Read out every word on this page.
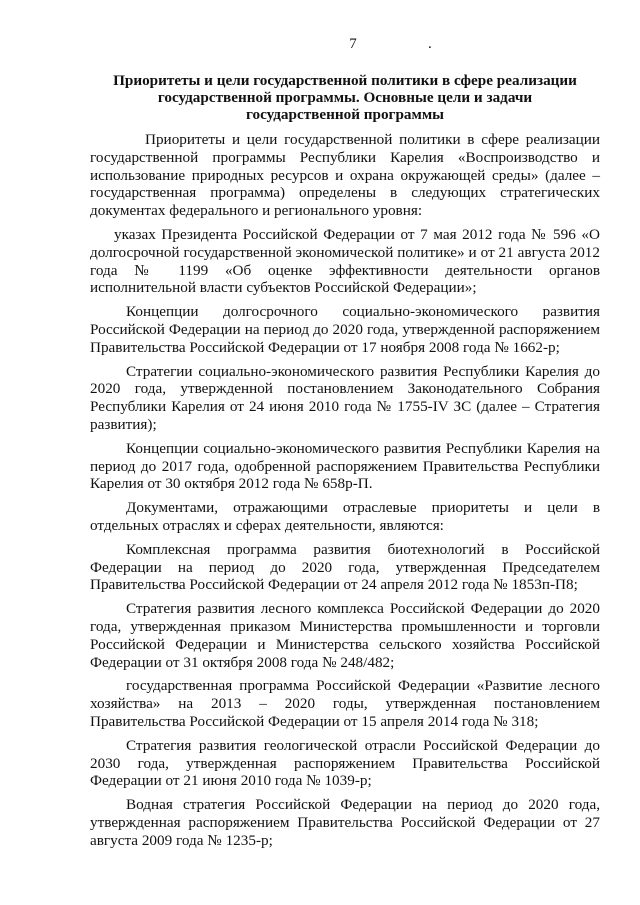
7	.
Приоритеты и цели государственной политики в сфере реализации
государственной программы. Основные цели и задачи
государственной программы

Приоритеты и цели государственной политики в сфере реализации государственной программы Республики Карелия «Воспроизводство и использование природных ресурсов и охрана окружающей среды» (далее – государственная программа) определены в следующих стратегических документах федерального и регионального уровня:

указах Президента Российской Федерации от 7 мая 2012 года № 596 «О долгосрочной государственной экономической политике» и от 21 августа 2012 года № 1199 «Об оценке эффективности деятельности органов исполнительной власти субъектов Российской Федерации»;

Концепции долгосрочного социально-экономического развития Российской Федерации на период до 2020 года, утвержденной распоряжением Правительства Российской Федерации от 17 ноября 2008 года № 1662-р;

Стратегии социально-экономического развития Республики Карелия до 2020 года, утвержденной постановлением Законодательного Собрания Республики Карелия от 24 июня 2010 года № 1755-IV ЗС (далее – Стратегия развития);

Концепции социально-экономического развития Республики Карелия на период до 2017 года, одобренной распоряжением Правительства Республики Карелия от 30 октября 2012 года № 658р-П.

Документами, отражающими отраслевые приоритеты и цели в отдельных отраслях и сферах деятельности, являются:

Комплексная программа развития биотехнологий в Российской Федерации на период до 2020 года, утвержденная Председателем Правительства Российской Федерации от 24 апреля 2012 года № 1853п-П8;

Стратегия развития лесного комплекса Российской Федерации до 2020 года, утвержденная приказом Министерства промышленности и торговли Российской Федерации и Министерства сельского хозяйства Российской Федерации от 31 октября 2008 года № 248/482;

государственная программа Российской Федерации «Развитие лесного хозяйства» на 2013 – 2020 годы, утвержденная постановлением Правительства Российской Федерации от 15 апреля 2014 года № 318;

Стратегия развития геологической отрасли Российской Федерации до 2030 года, утвержденная распоряжением Правительства Российской Федерации от 21 июня 2010 года № 1039-р;

Водная стратегия Российской Федерации на период до 2020 года, утвержденная распоряжением Правительства Российской Федерации от 27 августа 2009 года № 1235-р;
